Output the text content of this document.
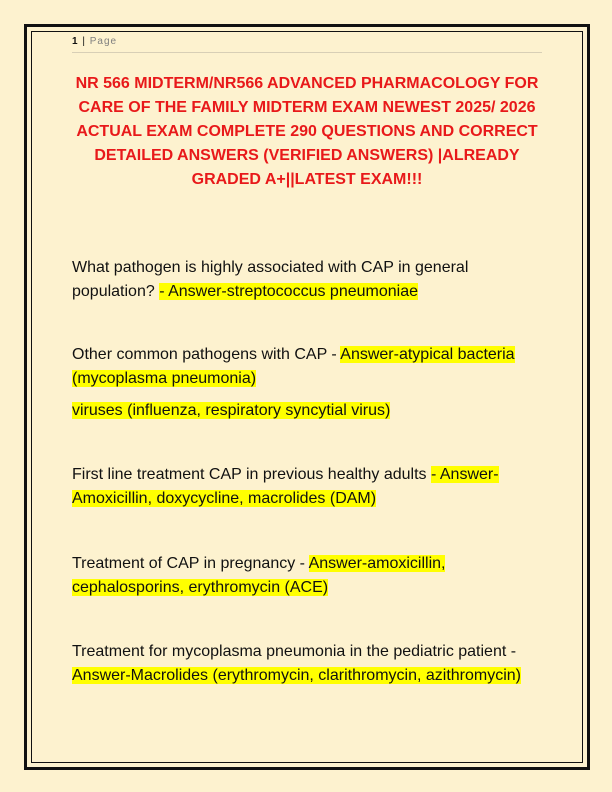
1 | Page
NR 566 MIDTERM/NR566 ADVANCED PHARMACOLOGY FOR CARE OF THE FAMILY MIDTERM EXAM NEWEST 2025/ 2026 ACTUAL EXAM COMPLETE 290 QUESTIONS AND CORRECT DETAILED ANSWERS (VERIFIED ANSWERS) |ALREADY GRADED A+||LATEST EXAM!!!

What pathogen is highly associated with CAP in general population? - Answer-streptococcus pneumoniae

Other common pathogens with CAP - Answer-atypical bacteria (mycoplasma pneumonia)

viruses (influenza, respiratory syncytial virus)

First line treatment CAP in previous healthy adults - Answer-Amoxicillin, doxycycline, macrolides (DAM)

Treatment of CAP in pregnancy - Answer-amoxicillin, cephalosporins, erythromycin (ACE)

Treatment for mycoplasma pneumonia in the pediatric patient - Answer-Macrolides (erythromycin, clarithromycin, azithromycin)
